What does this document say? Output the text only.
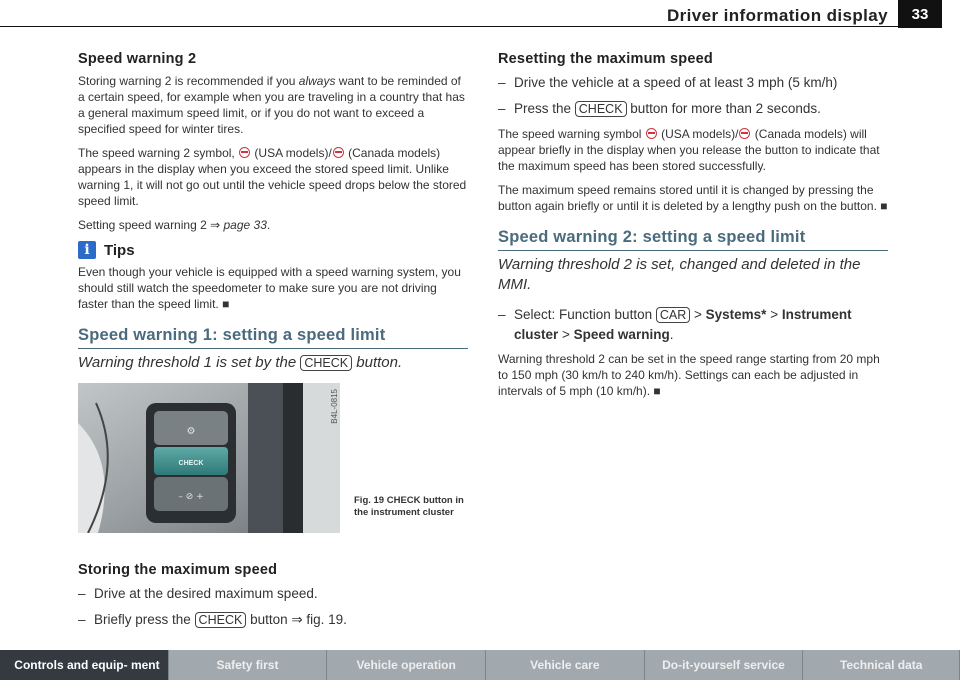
Driver information display	33
Speed warning 2

Storing warning 2 is recommended if you always want to be reminded of a certain speed, for example when you are traveling in a country that has a general maximum speed limit, or if you do not want to exceed a specified speed for winter tires.

The speed warning 2 symbol,  (USA models)/ (Canada models) appears in the display when you exceed the stored speed limit. Unlike warning 1, it will not go out until the vehicle speed drops below the stored speed limit.

Setting speed warning 2 ⇒ page 33.

i Tips

Even though your vehicle is equipped with a speed warning system, you should still watch the speedometer to make sure you are not driving faster than the speed limit. ■

Speed warning 1: setting a speed limit
Warning threshold 1 is set by the CHECK button.
⚙
CHECK
– ⊘ +
B4L-0815
Fig. 19 CHECK button in the instrument cluster
Storing the maximum speed
– Drive at the desired maximum speed.
– Briefly press the CHECK button ⇒ fig. 19.
Resetting the maximum speed
– Drive the vehicle at a speed of at least 3 mph (5 km/h)
– Press the CHECK button for more than 2 seconds.

The speed warning symbol  (USA models)/ (Canada models) will appear briefly in the display when you release the button to indicate that the maximum speed has been stored successfully.

The maximum speed remains stored until it is changed by pressing the button again briefly or until it is deleted by a lengthy push on the button. ■

Speed warning 2: setting a speed limit
Warning threshold 2 is set, changed and deleted in the MMI.
– Select: Function button CAR > Systems* > Instrument cluster > Speed warning.

Warning threshold 2 can be set in the speed range starting from 20 mph to 150 mph (30 km/h to 240 km/h). Settings can each be adjusted in intervals of 5 mph (10 km/h). ■

Controls and equip- ment	Safety first	Vehicle operation	Vehicle care	Do-it-yourself service	Technical data
